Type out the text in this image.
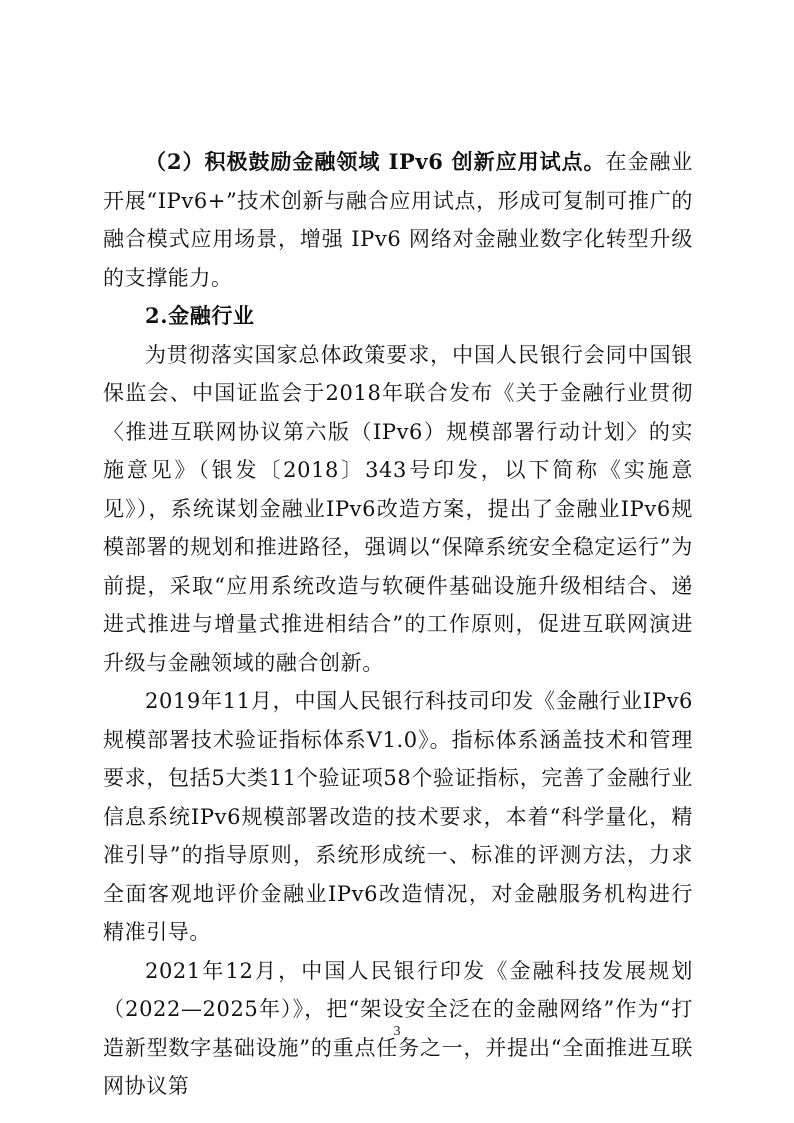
（2）积极鼓励金融领域 IPv6 创新应用试点。在金融业开展“IPv6+”技术创新与融合应用试点，形成可复制可推广的融合模式应用场景，增强 IPv6 网络对金融业数字化转型升级的支撑能力。

2.金融行业

为贯彻落实国家总体政策要求，中国人民银行会同中国银保监会、中国证监会于2018年联合发布《关于金融行业贯彻〈推进互联网协议第六版（IPv6）规模部署行动计划〉的实施意见》（银发〔2018〕343号印发，以下简称《实施意见》），系统谋划金融业IPv6改造方案，提出了金融业IPv6规模部署的规划和推进路径，强调以“保障系统安全稳定运行”为前提，采取“应用系统改造与软硬件基础设施升级相结合、递进式推进与增量式推进相结合”的工作原则，促进互联网演进升级与金融领域的融合创新。

2019年11月，中国人民银行科技司印发《金融行业IPv6规模部署技术验证指标体系V1.0》。指标体系涵盖技术和管理要求，包括5大类11个验证项58个验证指标，完善了金融行业信息系统IPv6规模部署改造的技术要求，本着“科学量化，精准引导”的指导原则，系统形成统一、标准的评测方法，力求全面客观地评价金融业IPv6改造情况，对金融服务机构进行精准引导。

2021年12月，中国人民银行印发《金融科技发展规划（2022—2025年）》，把“架设安全泛在的金融网络”作为“打造新型数字基础设施”的重点任务之一，并提出“全面推进互联网协议第

3
